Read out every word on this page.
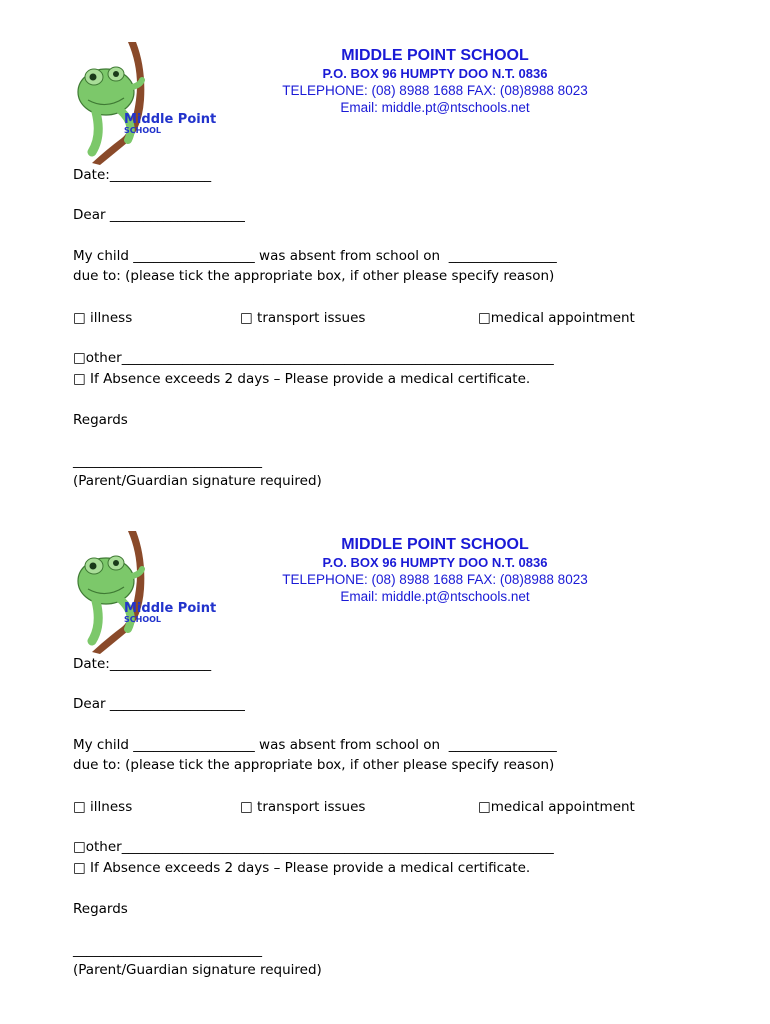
Middle Point
SCHOOL
MIDDLE POINT SCHOOL
P.O. BOX 96 HUMPTY DOO N.T. 0836
TELEPHONE: (08) 8988 1688 FAX: (08)8988 8023
Email: middle.pt@ntschools.net
Date:_______________
Dear ____________________
My child __________________ was absent from school on  ________________
due to: (please tick the appropriate box, if other please specify reason)
□ illness	□ transport issues	□medical appointment
□other________________________________________________________________
□ If Absence exceeds 2 days – Please provide a medical certificate.
Regards
____________________________
(Parent/Guardian signature required)
Middle Point
SCHOOL
MIDDLE POINT SCHOOL
P.O. BOX 96 HUMPTY DOO N.T. 0836
TELEPHONE: (08) 8988 1688 FAX: (08)8988 8023
Email: middle.pt@ntschools.net
Date:_______________
Dear ____________________
My child __________________ was absent from school on  ________________
due to: (please tick the appropriate box, if other please specify reason)
□ illness	□ transport issues	□medical appointment
□other________________________________________________________________
□ If Absence exceeds 2 days – Please provide a medical certificate.
Regards
____________________________
(Parent/Guardian signature required)
